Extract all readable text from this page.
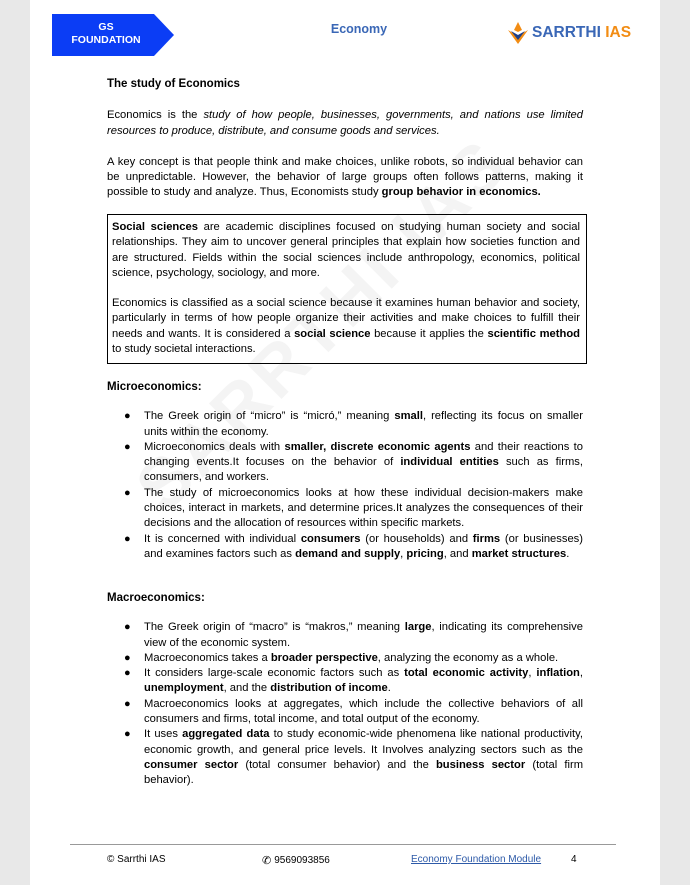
GS
FOUNDATION
Economy	SARRTHI IAS
The study of Economics

Economics is the study of how people, businesses, governments, and nations use limited resources to produce, distribute, and consume goods and services.

A key concept is that people think and make choices, unlike robots, so individual behavior can be unpredictable. However, the behavior of large groups often follows patterns, making it possible to study and analyze. Thus, Economists study group behavior in economics.

Social sciences are academic disciplines focused on studying human society and social relationships. They aim to uncover general principles that explain how societies function and are structured. Fields within the social sciences include anthropology, economics, political science, psychology, sociology, and more.

Economics is classified as a social science because it examines human behavior and society, particularly in terms of how people organize their activities and make choices to fulfill their needs and wants. It is considered a social science because it applies the scientific method to study societal interactions.

Microeconomics:
● The Greek origin of “micro” is “micró,” meaning small, reflecting its focus on smaller units within the economy.
● Microeconomics deals with smaller, discrete economic agents and their reactions to changing events.It focuses on the behavior of individual entities such as firms, consumers, and workers.
● The study of microeconomics looks at how these individual decision-makers make choices, interact in markets, and determine prices.It analyzes the consequences of their decisions and the allocation of resources within specific markets.
● It is concerned with individual consumers (or households) and firms (or businesses) and examines factors such as demand and supply, pricing, and market structures.
Macroeconomics:
● The Greek origin of “macro” is “makros,” meaning large, indicating its comprehensive view of the economic system.
● Macroeconomics takes a broader perspective, analyzing the economy as a whole.
● It considers large-scale economic factors such as total economic activity, inflation, unemployment, and the distribution of income.
● Macroeconomics looks at aggregates, which include the collective behaviors of all consumers and firms, total income, and total output of the economy.
● It uses aggregated data to study economic-wide phenomena like national productivity, economic growth, and general price levels. It Involves analyzing sectors such as the consumer sector (total consumer behavior) and the business sector (total firm behavior).
© Sarrthi IAS	✆ 9569093856	Economy Foundation Module	4
